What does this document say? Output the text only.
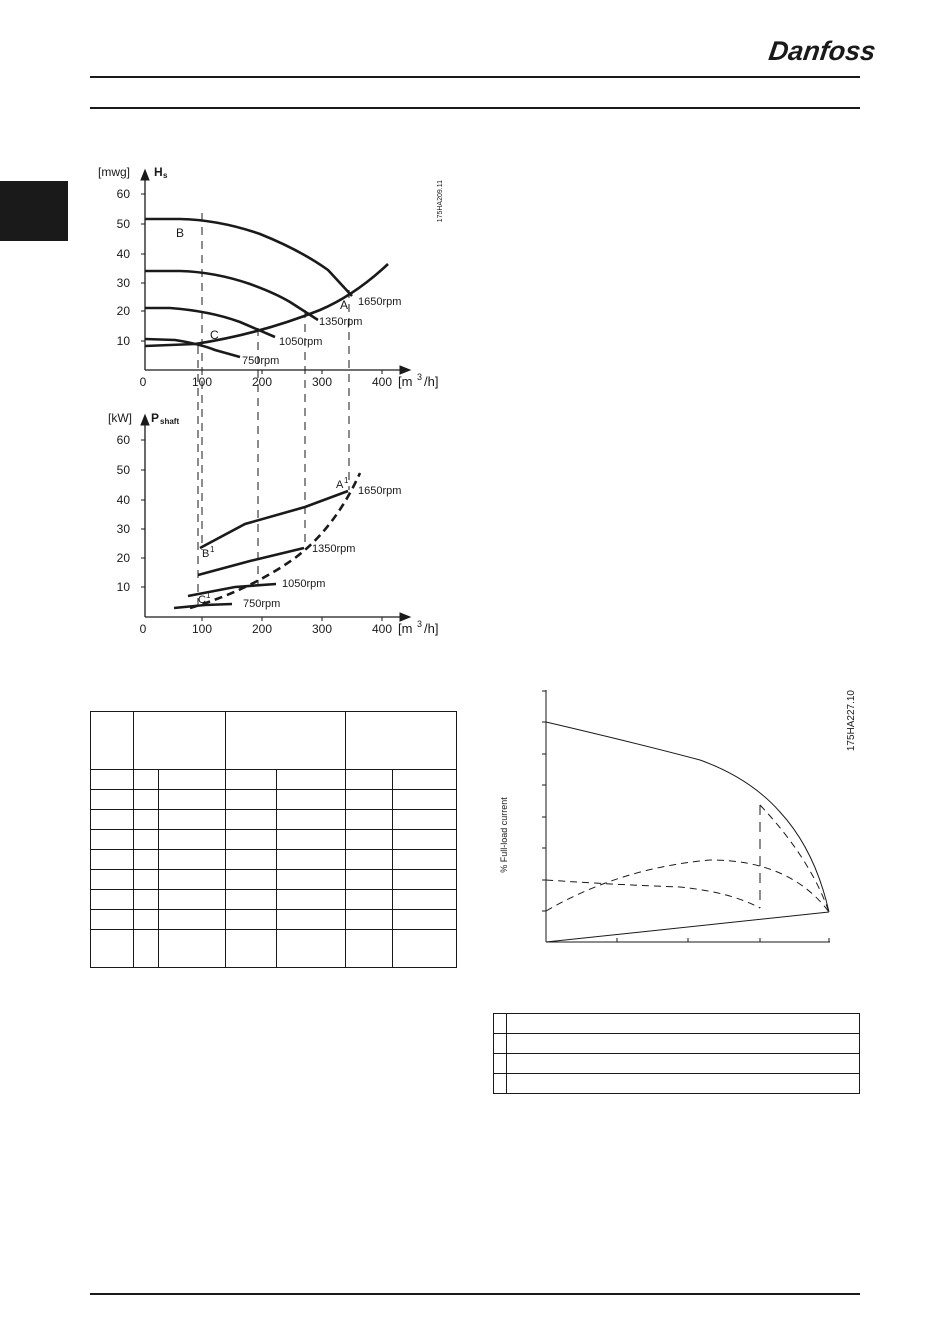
Danfoss
[mwg] H s
60
50
40
30
20
10
0	100	200	300	400 [m 3 /h]
B
C
A 1650rpm
1350rpm
1050rpm
750rpm
[kW] P shaft
60
50
40
30
20
10
0	100	200	300	400 [m 3 /h]
A 1
B 1
C 1
1650rpm
1350rpm
1050rpm
750rpm
175HA209.11
% Full-load current
175HA227.10
